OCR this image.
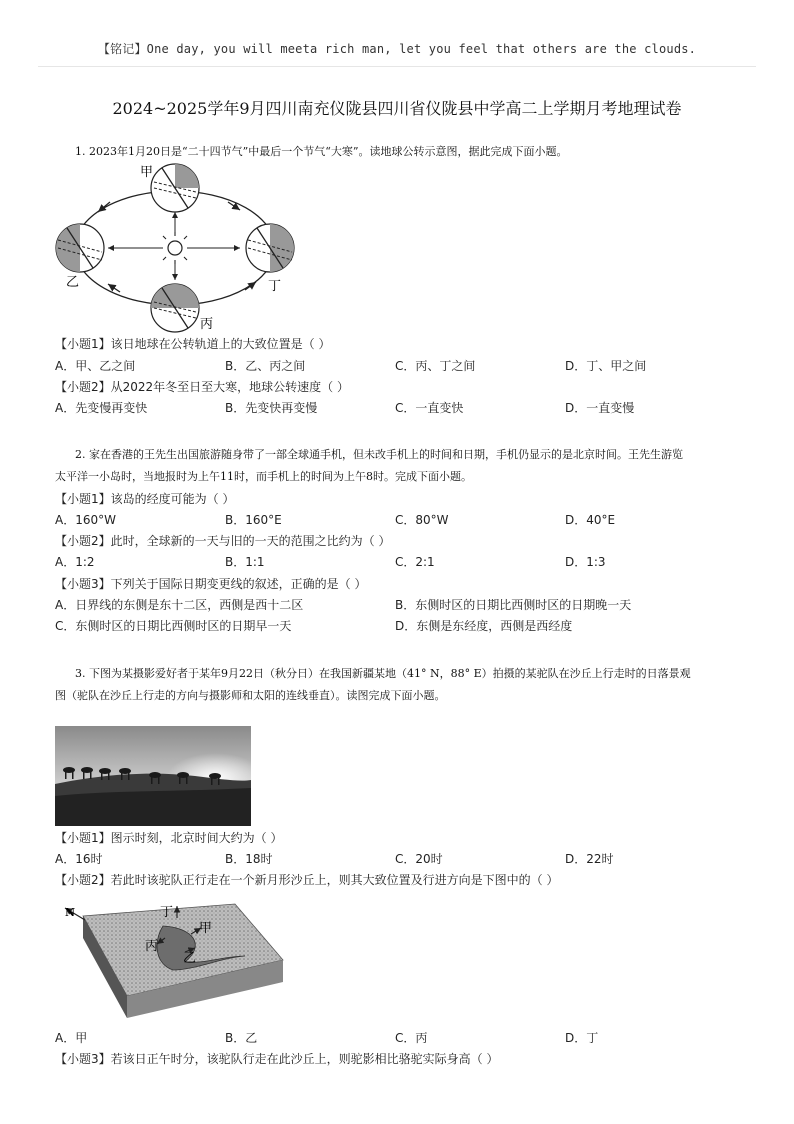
【铭记】One day, you will meeta rich man, let you feel that others are the clouds.
2024~2025学年9月四川南充仪陇县四川省仪陇县中学高二上学期月考地理试卷
1. 2023年1月20日是“二十四节气”中最后一个节气“大寒”。读地球公转示意图，据此完成下面小题。
甲
乙	丁
丙
【小题1】该日地球在公转轨道上的大致位置是（ ）
A．甲、乙之间	B．乙、丙之间	C．丙、丁之间	D．丁、甲之间
【小题2】从2022年冬至日至大寒，地球公转速度（ ）
A．先变慢再变快	B．先变快再变慢	C．一直变快	D．一直变慢
2. 家在香港的王先生出国旅游随身带了一部全球通手机，但未改手机上的时间和日期，手机仍显示的是北京时间。王先生游览
太平洋一小岛时，当地报时为上午11时，而手机上的时间为上午8时。完成下面小题。
【小题1】该岛的经度可能为（ ）
A．160°W	B．160°E	C．80°W	D．40°E
【小题2】此时，全球新的一天与旧的一天的范围之比约为（ ）
A．1:2	B．1:1	C．2:1	D．1:3
【小题3】下列关于国际日期变更线的叙述，正确的是（ ）
A．日界线的东侧是东十二区，西侧是西十二区	B．东侧时区的日期比西侧时区的日期晚一天
C．东侧时区的日期比西侧时区的日期早一天	D．东侧是东经度，西侧是西经度
3. 下图为某摄影爱好者于某年9月22日（秋分日）在我国新疆某地（41° N，88° E）拍摄的某驼队在沙丘上行走时的日落景观
图（驼队在沙丘上行走的方向与摄影师和太阳的连线垂直）。读图完成下面小题。
【小题1】图示时刻，北京时间大约为（ ）
A．16时	B．18时	C．20时	D．22时
【小题2】若此时该驼队正行走在一个新月形沙丘上，则其大致位置及行进方向是下图中的（ ）
N	丁
甲
丙
乙
A．甲	B．乙	C．丙	D．丁
【小题3】若该日正午时分，该驼队行走在此沙丘上，则驼影相比骆驼实际身高（ ）
